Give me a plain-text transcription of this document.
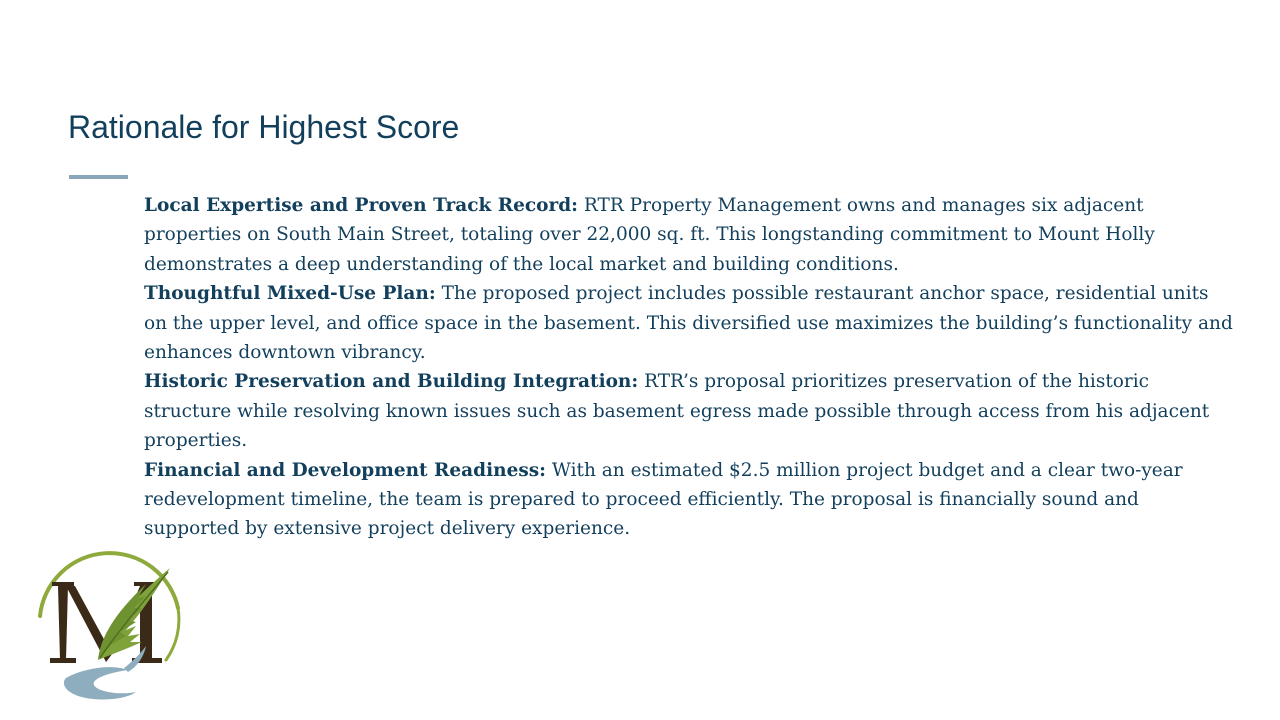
Rationale for Highest Score

Local Expertise and Proven Track Record: RTR Property Management owns and manages six adjacent properties on South Main Street, totaling over 22,000 sq. ft. This longstanding commitment to Mount Holly demonstrates a deep understanding of the local market and building conditions.

Thoughtful Mixed-Use Plan: The proposed project includes possible restaurant anchor space, residential units on the upper level, and office space in the basement. This diversified use maximizes the building’s functionality and enhances downtown vibrancy.

Historic Preservation and Building Integration: RTR’s proposal prioritizes preservation of the historic structure while resolving known issues such as basement egress made possible through access from his adjacent properties.

Financial and Development Readiness: With an estimated $2.5 million project budget and a clear two-year redevelopment timeline, the team is prepared to proceed efficiently. The proposal is financially sound and supported by extensive project delivery experience.
